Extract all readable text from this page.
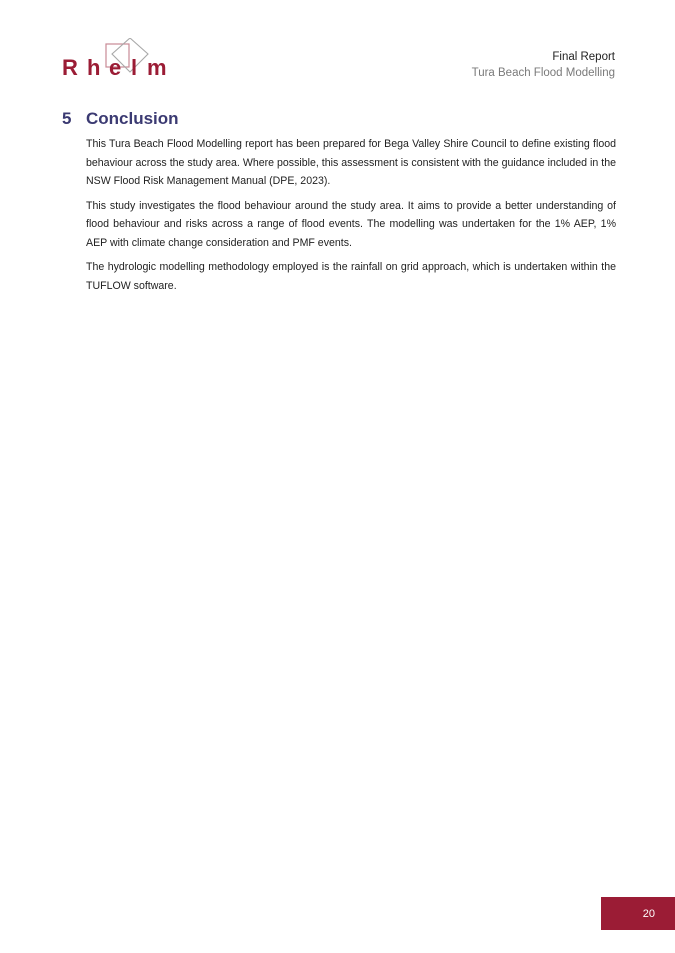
R h e l m	Final Report
Tura Beach Flood Modelling
5 Conclusion

This Tura Beach Flood Modelling report has been prepared for Bega Valley Shire Council to define existing flood behaviour across the study area. Where possible, this assessment is consistent with the guidance included in the NSW Flood Risk Management Manual (DPE, 2023).

This study investigates the flood behaviour around the study area. It aims to provide a better understanding of flood behaviour and risks across a range of flood events. The modelling was undertaken for the 1% AEP, 1% AEP with climate change consideration and PMF events.

The hydrologic modelling methodology employed is the rainfall on grid approach, which is undertaken within the TUFLOW software.

20
